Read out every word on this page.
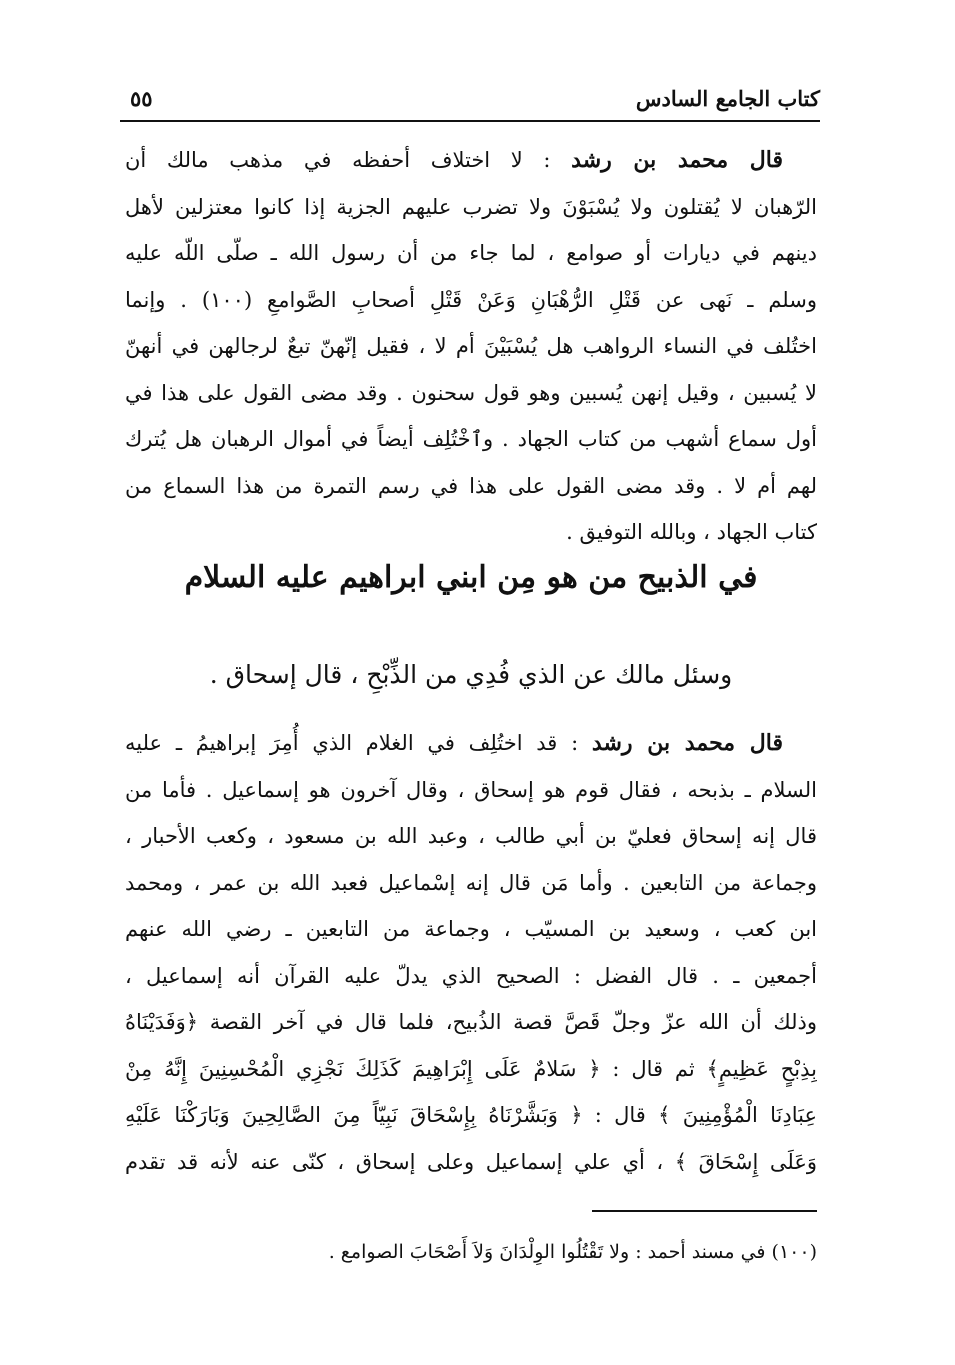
كتاب الجامع السادس
٥٥
قال محمد بن رشد : لا اختلاف أحفظه في مذهب مالك أن
الرّهبان لا يُقتلون ولا يُسْبَوْنَ ولا تضرب عليهم الجزية إذا كانوا معتزلين لأهل
دينهم في ديارات أو صوامع ، لما جاء من أن رسول الله ـ صلّى اللّه عليه
وسلم ـ نَهى عن قَتْلِ الرُّهْبَانِ وَعَنْ قَتْلِ أصحابِ الصَّوامعِ (١٠٠) . وإنما
اختُلف في النساء الرواهب هل يُسْبَيْنَ أم لا ، فقيل إنّهنّ تبعٌ لرجالهن في أنهنّ
لا يُسبين ، وقيل إنهن يُسبين وهو قول سحنون . وقد مضى القول على هذا في
أول سماع أشهب من كتاب الجهاد . وٱخْتُلِف أيضاً في أموال الرهبان هل يُترك
لهم أم لا . وقد مضى القول على هذا في رسم التمرة من هذا السماع من
كتاب الجهاد ، وبالله التوفيق .
في الذبيح من هو مِن ابني ابراهيم عليه السلام
وسئل مالك عن الذي فُدِي من الذِّبْحِ ، قال إسحاق .
قال محمد بن رشد : قد اختُلِف في الغلام الذي أُمِرَ إبراهيمُ ـ عليه
السلام ـ بذبحه ، فقال قوم هو إسحاق ، وقال آخرون هو إسماعيل . فأما من
قال إنه إسحاق فعليّ بن أبي طالب ، وعبد الله بن مسعود ، وكعب الأحبار ،
وجماعة من التابعين . وأما مَن قال إنه إسْماعيل فعبد الله بن عمر ، ومحمد
ابن كعب ، وسعيد بن المسيّب ، وجماعة من التابعين ـ رضي الله عنهم
أجمعين ـ . قال الفضل : الصحيح الذي يدلّ عليه القرآن أنه إسماعيل ،
وذلك أن الله عزّ وجلّ قَصَّ قصة الذُبيح، فلما قال في آخر القصة ﴿وَفَدَيْنَاهُ
بِذِبْحٍ عَظِيمٍ﴾ ثم قال : ﴿ سَلامٌ عَلَى إِبْرَاهِيمَ كَذَلِكَ نَجْزِي الْمُحْسِنِينَ إِنَّهُ مِنْ
عِبَادِنَا الْمُؤْمِنِينَ ﴾ قال : ﴿ وَبَشَّرْنَاهُ بِإِسْحَاقَ نَبِيّاً مِنَ الصَّالِحِينَ وَبَارَكْنَا عَلَيْهِ
وَعَلَى إِسْحَاقَ ﴾ ، أي علي إسماعيل وعلى إسحاق ، كنّى عنه لأنه قد تقدم
(١٠٠) في مسند أحمد : ولا تَقْتُلُوا الوِلْدَانَ وَلاَ أَصْحَابَ الصوامع .
